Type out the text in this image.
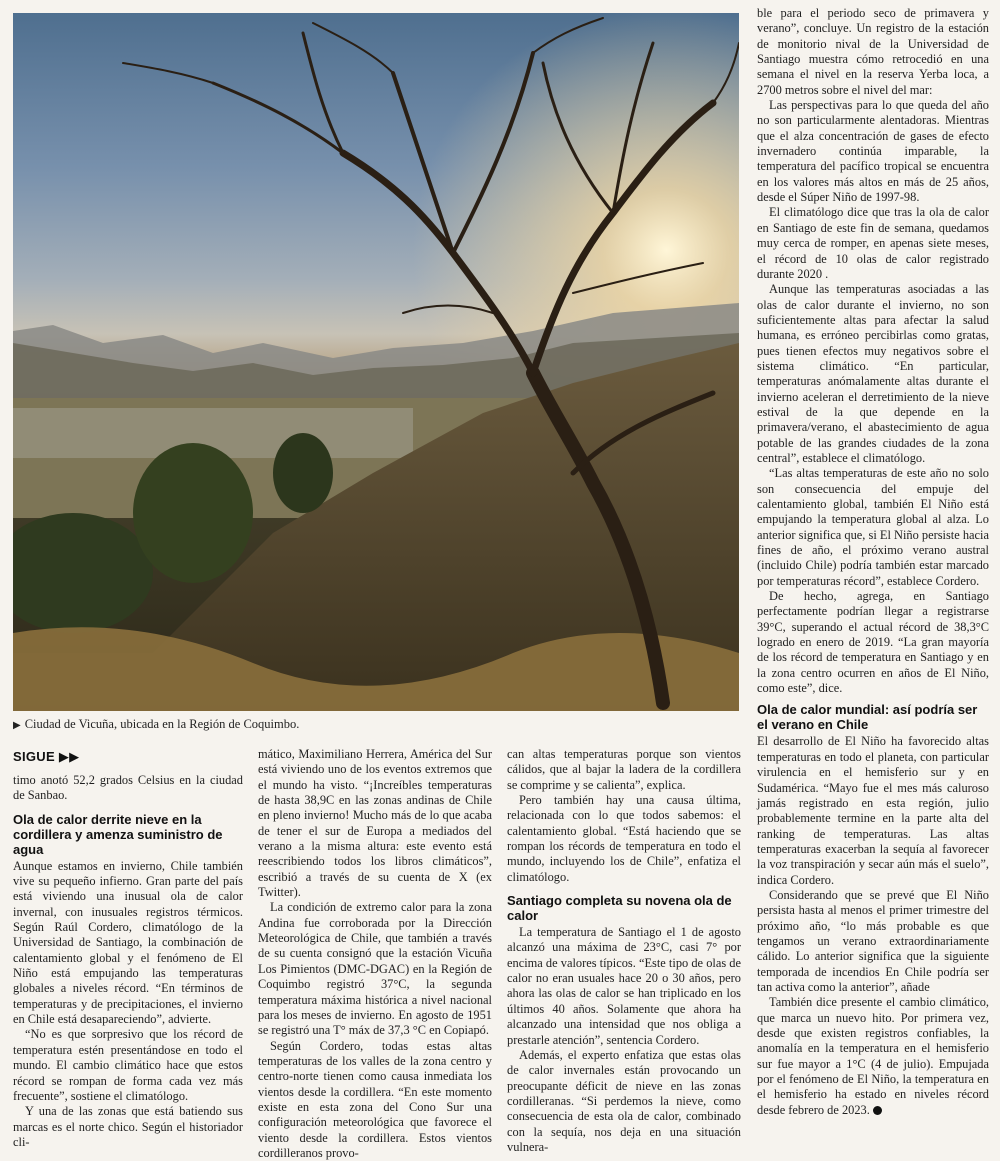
▶ Ciudad de Vicuña, ubicada en la Región de Coquimbo.
SIGUE ▶▶

timo anotó 52,2 grados Celsius en la ciudad de Sanbao.

Ola de calor derrite nieve en la cordillera y amenza suministro de agua

Aunque estamos en invierno, Chile también vive su pequeño infierno. Gran parte del país está viviendo una inusual ola de calor invernal, con inusuales registros térmicos. Según Raúl Cordero, climatólogo de la Universidad de Santiago, la combinación de calentamiento global y el fenómeno de El Niño está empujando las temperaturas globales a niveles récord. “En términos de temperaturas y de precipitaciones, el invierno en Chile está desapareciendo”, advierte.

“No es que sorpresivo que los récord de temperatura estén presentándose en todo el mundo. El cambio climático hace que estos récord se rompan de forma cada vez más frecuente”, sostiene el climatólogo.

Y una de las zonas que está batiendo sus marcas es el norte chico. Según el historiador cli-

mático, Maximiliano Herrera, América del Sur está viviendo uno de los eventos extremos que el mundo ha visto. “¡Increíbles temperaturas de hasta 38,9C en las zonas andinas de Chile en pleno invierno! Mucho más de lo que acaba de tener el sur de Europa a mediados del verano a la misma altura: este evento está reescribiendo todos los libros climáticos”, escribió a través de su cuenta de X (ex Twitter).

La condición de extremo calor para la zona Andina fue corroborada por la Dirección Meteorológica de Chile, que también a través de su cuenta consignó que la estación Vicuña Los Pimientos (DMC-DGAC) en la Región de Coquimbo registró 37°C, la segunda temperatura máxima histórica a nivel nacional para los meses de invierno. En agosto de 1951 se registró una T° máx de 37,3 °C en Copiapó.

Según Cordero, todas estas altas temperaturas de los valles de la zona centro y centro-norte tienen como causa inmediata los vientos desde la cordillera. “En este momento existe en esta zona del Cono Sur una configuración meteorológica que favorece el viento desde la cordillera. Estos vientos cordilleranos provo-

can altas temperaturas porque son vientos cálidos, que al bajar la ladera de la cordillera se comprime y se calienta”, explica.

Pero también hay una causa última, relacionada con lo que todos sabemos: el calentamiento global. “Está haciendo que se rompan los récords de temperatura en todo el mundo, incluyendo los de Chile”, enfatiza el climatólogo.

Santiago completa su novena ola de calor

La temperatura de Santiago el 1 de agosto alcanzó una máxima de 23°C, casi 7° por encima de valores típicos. “Este tipo de olas de calor no eran usuales hace 20 o 30 años, pero ahora las olas de calor se han triplicado en los últimos 40 años. Solamente que ahora ha alcanzado una intensidad que nos obliga a prestarle atención”, sentencia Cordero.

Además, el experto enfatiza que estas olas de calor invernales están provocando un preocupante déficit de nieve en las zonas cordilleranas. “Si perdemos la nieve, como consecuencia de esta ola de calor, combinado con la sequía, nos deja en una situación vulnera-

ble para el periodo seco de primavera y verano”, concluye. Un registro de la estación de monitorio nival de la Universidad de Santiago muestra cómo retrocedió en una semana el nivel en la reserva Yerba loca, a 2700 metros sobre el nivel del mar:

Las perspectivas para lo que queda del año no son particularmente alentadoras. Mientras que el alza concentración de gases de efecto invernadero continúa imparable, la temperatura del pacífico tropical se encuentra en los valores más altos en más de 25 años, desde el Súper Niño de 1997-98.

El climatólogo dice que tras la ola de calor en Santiago de este fin de semana, quedamos muy cerca de romper, en apenas siete meses, el récord de 10 olas de calor registrado durante 2020 .

Aunque las temperaturas asociadas a las olas de calor durante el invierno, no son suficientemente altas para afectar la salud humana, es erróneo percibirlas como gratas, pues tienen efectos muy negativos sobre el sistema climático. “En particular, temperaturas anómalamente altas durante el invierno aceleran el derretimiento de la nieve estival de la que depende en la primavera/verano, el abastecimiento de agua potable de las grandes ciudades de la zona central”, establece el climatólogo.

“Las altas temperaturas de este año no solo son consecuencia del empuje del calentamiento global, también El Niño está empujando la temperatura global al alza. Lo anterior significa que, si El Niño persiste hacia fines de año, el próximo verano austral (incluido Chile) podría también estar marcado por temperaturas récord”, establece Cordero.

De hecho, agrega, en Santiago perfectamente podrían llegar a registrarse 39°C, superando el actual récord de 38,3°C logrado en enero de 2019. “La gran mayoría de los récord de temperatura en Santiago y en la zona centro ocurren en años de El Niño, como este”, dice.

Ola de calor mundial: así podría ser el verano en Chile

El desarrollo de El Niño ha favorecido altas temperaturas en todo el planeta, con particular virulencia en el hemisferio sur y en Sudamérica. “Mayo fue el mes más caluroso jamás registrado en esta región, julio probablemente termine en la parte alta del ranking de temperaturas. Las altas temperaturas exacerban la sequía al favorecer la voz transpiración y secar aún más el suelo”, indica Cordero.

Considerando que se prevé que El Niño persista hasta al menos el primer trimestre del próximo año, “lo más probable es que tengamos un verano extraordinariamente cálido. Lo anterior significa que la siguiente temporada de incendios En Chile podría ser tan activa como la anterior”, añade

También dice presente el cambio climático, que marca un nuevo hito. Por primera vez, desde que existen registros confiables, la anomalía en la temperatura en el hemisferio sur fue mayor a 1°C (4 de julio). Empujada por el fenómeno de El Niño, la temperatura en el hemisferio ha estado en niveles récord desde febrero de 2023.
